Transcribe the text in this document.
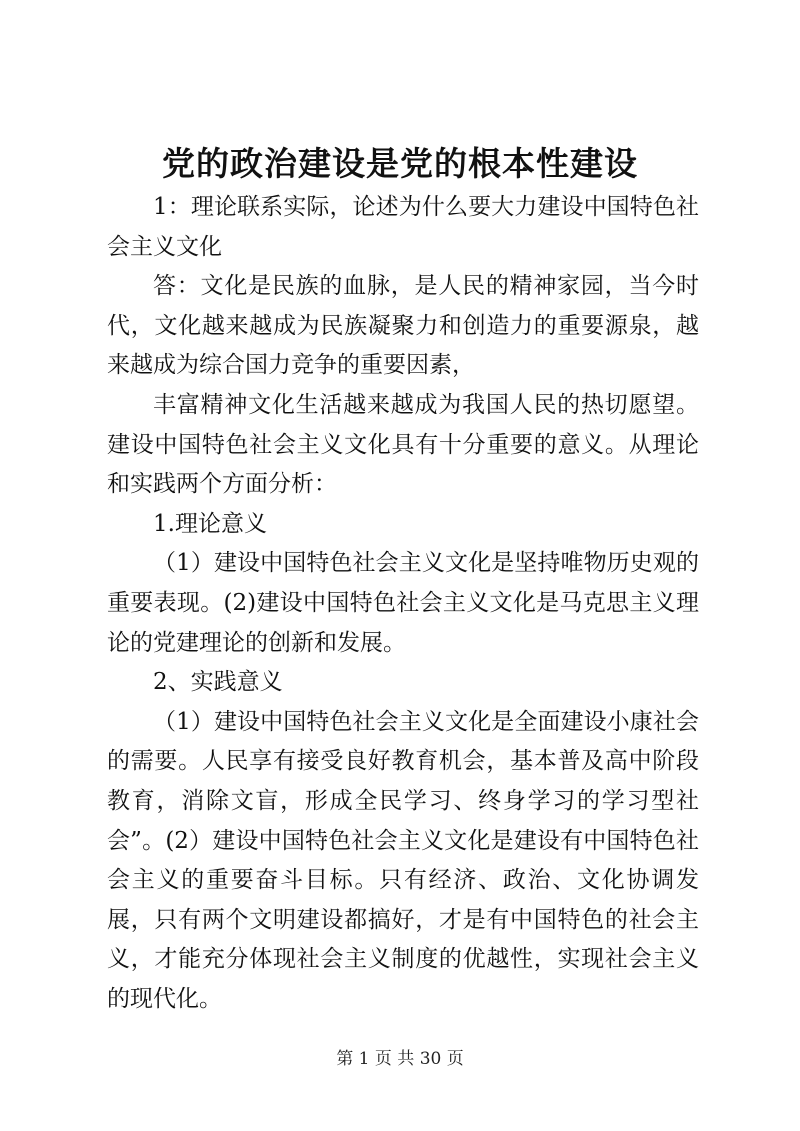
党的政治建设是党的根本性建设

1：理论联系实际，论述为什么要大力建设中国特色社会主义文化

答：文化是民族的血脉，是人民的精神家园，当今时代，文化越来越成为民族凝聚力和创造力的重要源泉，越来越成为综合国力竞争的重要因素，

丰富精神文化生活越来越成为我国人民的热切愿望。建设中国特色社会主义文化具有十分重要的意义。从理论和实践两个方面分析：

1.理论意义

（1）建设中国特色社会主义文化是坚持唯物历史观的重要表现。(2)建设中国特色社会主义文化是马克思主义理论的党建理论的创新和发展。

2、实践意义

（1）建设中国特色社会主义文化是全面建设小康社会的需要。人民享有接受良好教育机会，基本普及高中阶段教育，消除文盲，形成全民学习、终身学习的学习型社会”。(2）建设中国特色社会主义文化是建设有中国特色社会主义的重要奋斗目标。只有经济、政治、文化协调发展，只有两个文明建设都搞好，才是有中国特色的社会主义，才能充分体现社会主义制度的优越性，实现社会主义的现代化。

第 1 页 共 30 页
